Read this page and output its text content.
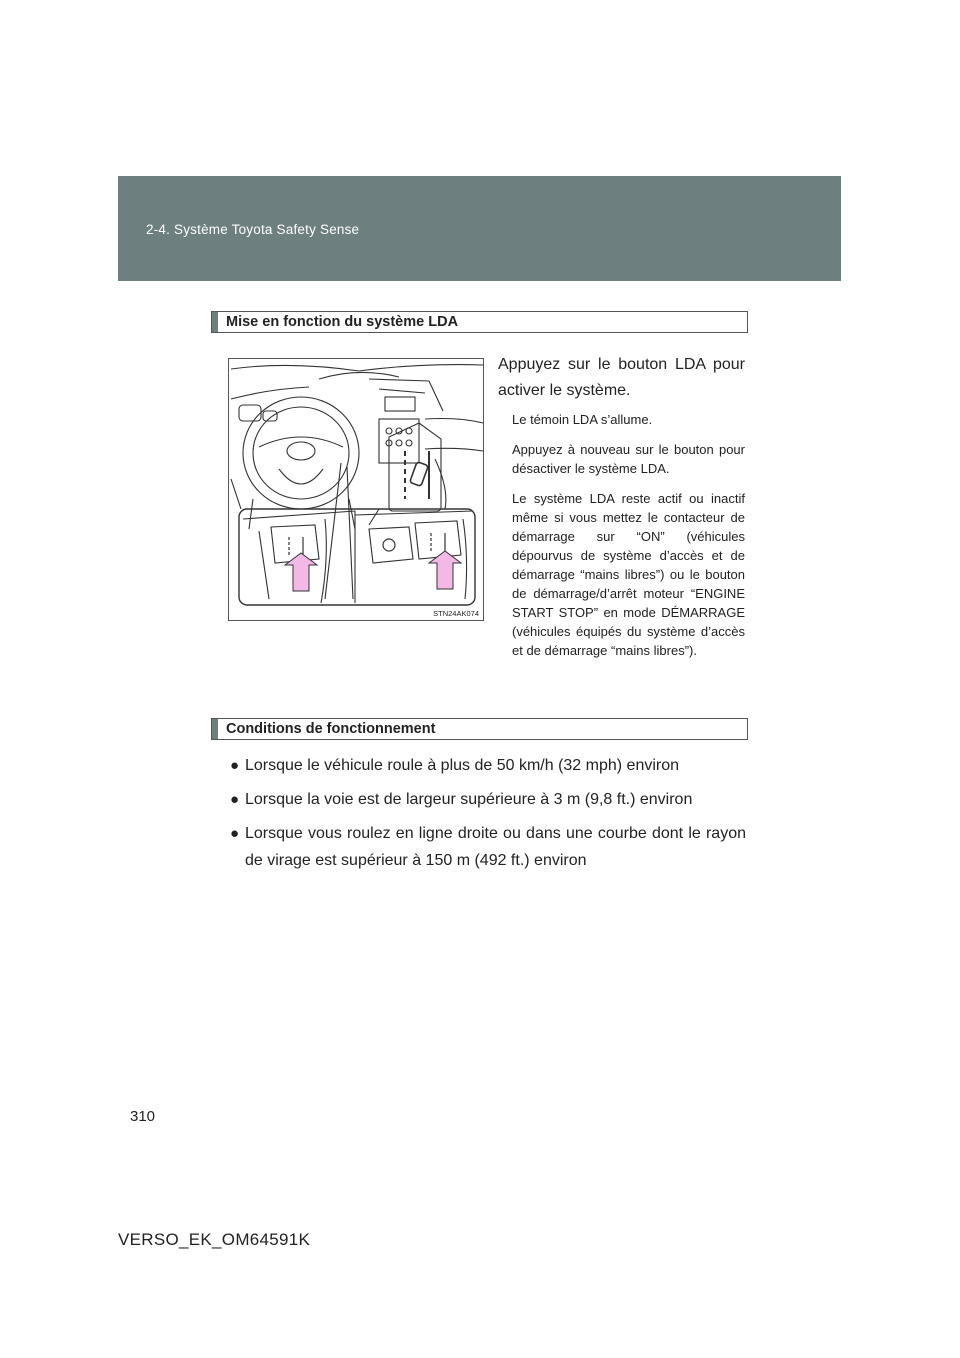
2-4. Système Toyota Safety Sense
Mise en fonction du système LDA
STN24AK074
Appuyez sur le bouton LDA pour activer le système.
Le témoin LDA s’allume.
Appuyez à nouveau sur le bouton pour désactiver le système LDA.
Le système LDA reste actif ou inactif même si vous mettez le contacteur de démarrage sur “ON” (véhicules dépourvus de système d’accès et de démarrage “mains libres”) ou le bouton de démarrage/d’arrêt moteur “ENGINE START STOP” en mode DÉMARRAGE (véhicules équipés du système d’accès et de démarrage “mains libres”).
Conditions de fonctionnement
● Lorsque le véhicule roule à plus de 50 km/h (32 mph) environ
● Lorsque la voie est de largeur supérieure à 3 m (9,8 ft.) environ
● Lorsque vous roulez en ligne droite ou dans une courbe dont le rayon de virage est supérieur à 150 m (492 ft.) environ
310
VERSO_EK_OM64591K
